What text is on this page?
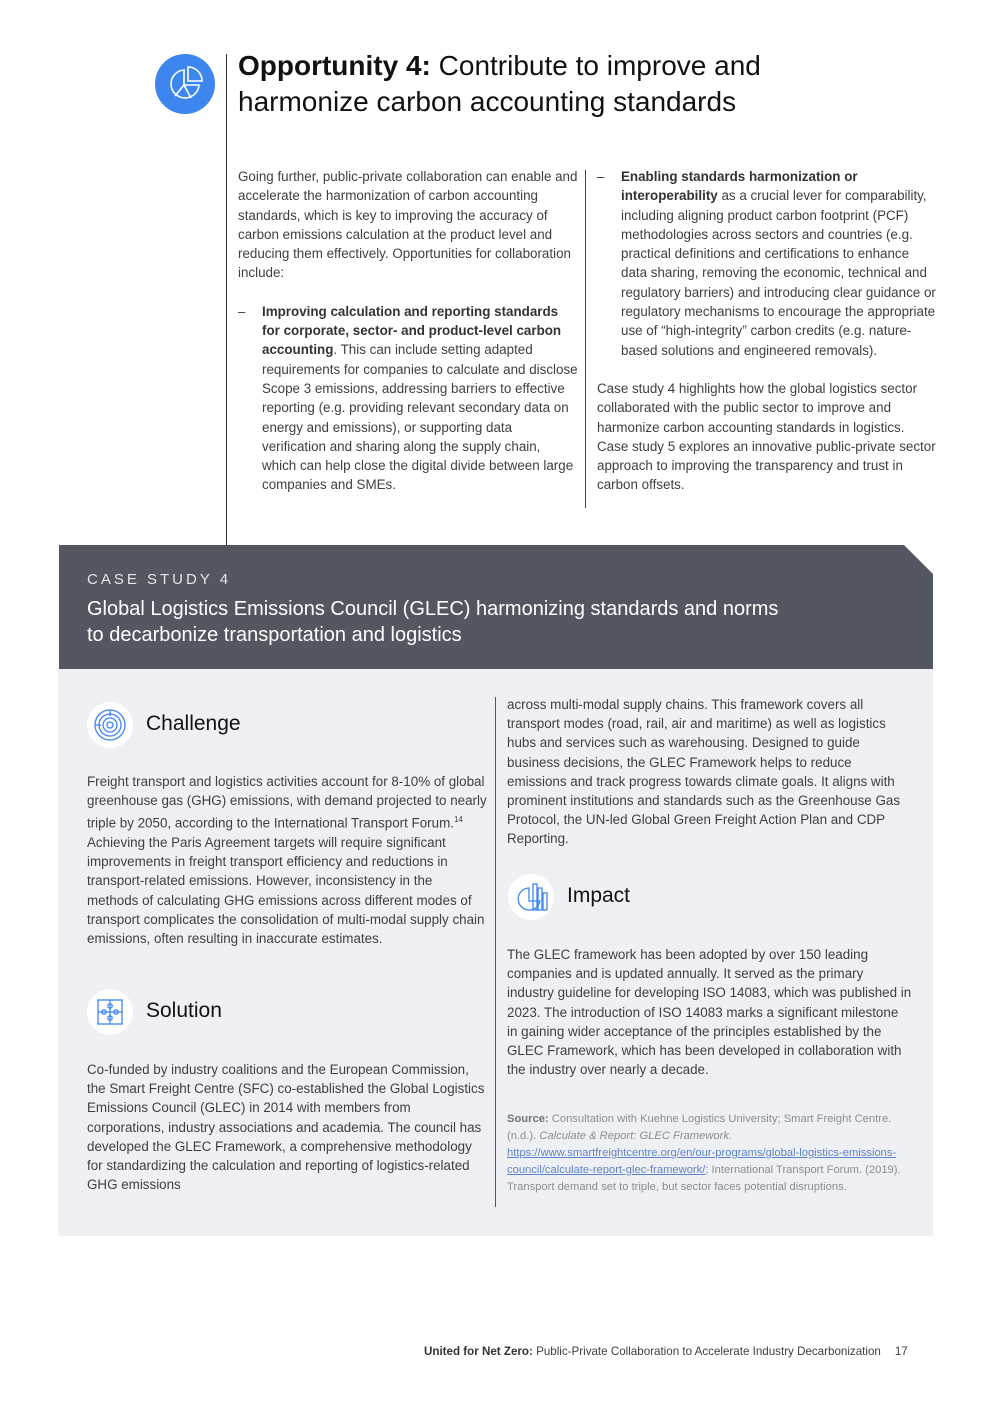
Opportunity 4: Contribute to improve and harmonize carbon accounting standards

Going further, public-private collaboration can enable and accelerate the harmonization of carbon accounting standards, which is key to improving the accuracy of carbon emissions calculation at the product level and reducing them effectively. Opportunities for collaboration include:

– Improving calculation and reporting standards for corporate, sector- and product-level carbon accounting. This can include setting adapted requirements for companies to calculate and disclose Scope 3 emissions, addressing barriers to effective reporting (e.g. providing relevant secondary data on energy and emissions), or supporting data verification and sharing along the supply chain, which can help close the digital divide between large companies and SMEs.
– Enabling standards harmonization or interoperability as a crucial lever for comparability, including aligning product carbon footprint (PCF) methodologies across sectors and countries (e.g. practical definitions and certifications to enhance data sharing, removing the economic, technical and regulatory barriers) and introducing clear guidance or regulatory mechanisms to encourage the appropriate use of “high-integrity” carbon credits (e.g. nature-based solutions and engineered removals).

Case study 4 highlights how the global logistics sector collaborated with the public sector to improve and harmonize carbon accounting standards in logistics. Case study 5 explores an innovative public-private sector approach to improving the transparency and trust in carbon offsets.

CASE STUDY 4
Global Logistics Emissions Council (GLEC) harmonizing standards and norms to decarbonize transportation and logistics
Challenge

Freight transport and logistics activities account for 8-10% of global greenhouse gas (GHG) emissions, with demand projected to nearly triple by 2050, according to the International Transport Forum.$^{14}$ Achieving the Paris Agreement targets will require significant improvements in freight transport efficiency and reductions in transport-related emissions. However, inconsistency in the methods of calculating GHG emissions across different modes of transport complicates the consolidation of multi-modal supply chain emissions, often resulting in inaccurate estimates.

Solution

Co-funded by industry coalitions and the European Commission, the Smart Freight Centre (SFC) co-established the Global Logistics Emissions Council (GLEC) in 2014 with members from corporations, industry associations and academia. The council has developed the GLEC Framework, a comprehensive methodology for standardizing the calculation and reporting of logistics-related GHG emissions

across multi-modal supply chains. This framework covers all transport modes (road, rail, air and maritime) as well as logistics hubs and services such as warehousing. Designed to guide business decisions, the GLEC Framework helps to reduce emissions and track progress towards climate goals. It aligns with prominent institutions and standards such as the Greenhouse Gas Protocol, the UN-led Global Green Freight Action Plan and CDP Reporting.

Impact

The GLEC framework has been adopted by over 150 leading companies and is updated annually. It served as the primary industry guideline for developing ISO 14083, which was published in 2023. The introduction of ISO 14083 marks a significant milestone in gaining wider acceptance of the principles established by the GLEC Framework, which has been developed in collaboration with the industry over nearly a decade.

Source: Consultation with Kuehne Logistics University; Smart Freight Centre. (n.d.). Calculate & Report: GLEC Framework. https://www.smartfreightcentre.org/en/our-programs/global-logistics-emissions-council/calculate-report-glec-framework/; International Transport Forum. (2019). Transport demand set to triple, but sector faces potential disruptions.
United for Net Zero: Public-Private Collaboration to Accelerate Industry Decarbonization 17
